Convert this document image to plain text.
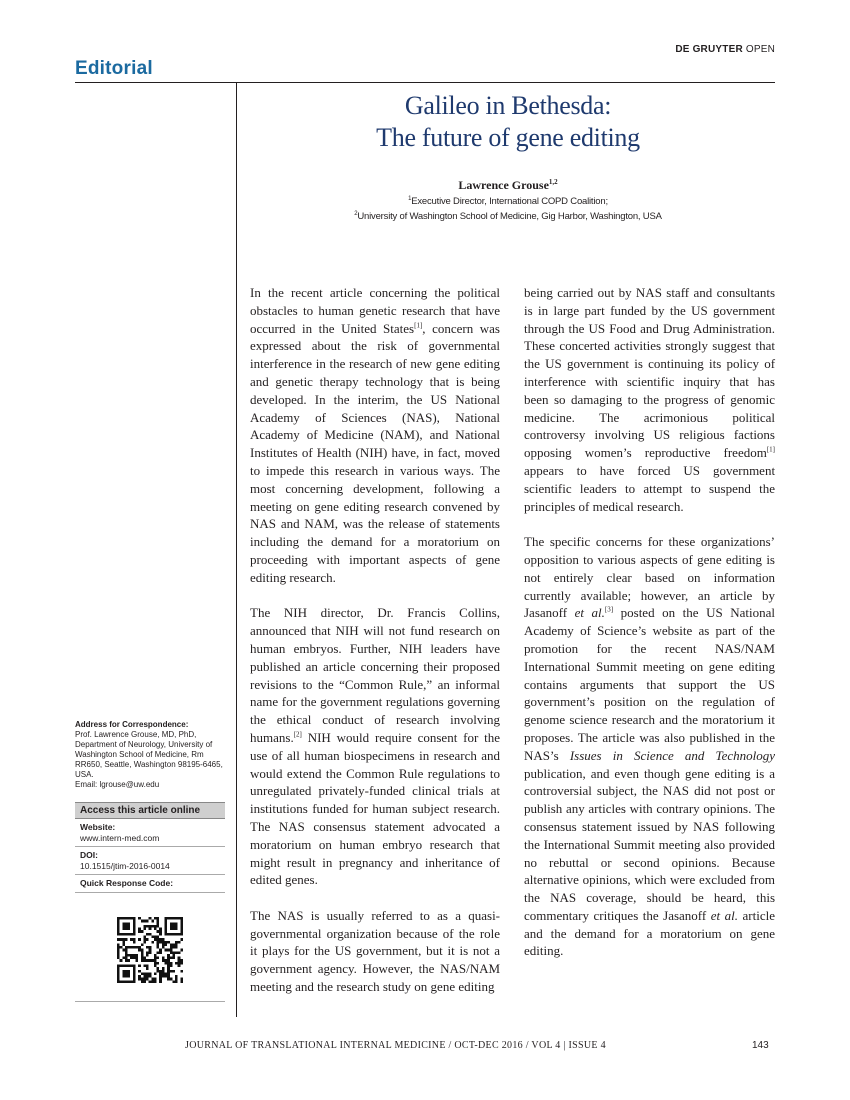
DE GRUYTER OPEN
Editorial
Galileo in Bethesda:
The future of gene editing
Lawrence Grouse$^{1,2}$
$^1$Executive Director, International COPD Coalition;
$^2$University of Washington School of Medicine, Gig Harbor, Washington, USA

In the recent article concerning the political obstacles to human genetic research that have occurred in the United States[1], concern was expressed about the risk of governmental interference in the research of new gene editing and genetic therapy technology that is being developed. In the interim, the US National Academy of Sciences (NAS), National Academy of Medicine (NAM), and National Institutes of Health (NIH) have, in fact, moved to impede this research in various ways. The most concerning development, following a meeting on gene editing research convened by NAS and NAM, was the release of statements including the demand for a moratorium on proceeding with important aspects of gene editing research.

The NIH director, Dr. Francis Collins, announced that NIH will not fund research on human embryos. Further, NIH leaders have published an article concerning their proposed revisions to the “Common Rule,” an informal name for the government regulations governing the ethical conduct of research involving humans.[2] NIH would require consent for the use of all human biospecimens in research and would extend the Common Rule regulations to unregulated privately-funded clinical trials at institutions funded for human subject research. The NAS consensus statement advocated a moratorium on human embryo research that might result in pregnancy and inheritance of edited genes.

The NAS is usually referred to as a quasi-governmental organization because of the role it plays for the US government, but it is not a government agency. However, the NAS/NAM meeting and the research study on gene editing

being carried out by NAS staff and consultants is in large part funded by the US government through the US Food and Drug Administration. These concerted activities strongly suggest that the US government is continuing its policy of interference with scientific inquiry that has been so damaging to the progress of genomic medicine. The acrimonious political controversy involving US religious factions opposing women’s reproductive freedom[1] appears to have forced US government scientific leaders to attempt to suspend the principles of medical research.

The specific concerns for these organizations’ opposition to various aspects of gene editing is not entirely clear based on information currently available; however, an article by Jasanoff et al.[3] posted on the US National Academy of Science’s website as part of the promotion for the recent NAS/NAM International Summit meeting on gene editing contains arguments that support the US government’s position on the regulation of genome science research and the moratorium it proposes. The article was also published in the NAS’s Issues in Science and Technology publication, and even though gene editing is a controversial subject, the NAS did not post or publish any articles with contrary opinions. The consensus statement issued by NAS following the International Summit meeting also provided no rebuttal or second opinions. Because alternative opinions, which were excluded from the NAS coverage, should be heard, this commentary critiques the Jasanoff et al. article and the demand for a moratorium on gene editing.

Address for Correspondence:
Prof. Lawrence Grouse, MD, PhD,
Department of Neurology, University of Washington School of Medicine, Rm RR650, Seattle, Washington 98195-6465, USA.
Email: lgrouse@uw.edu
Access this article online
Website:
www.intern-med.com
DOI:
10.1515/jtim-2016-0014
Quick Response Code:
JOURNAL OF TRANSLATIONAL INTERNAL MEDICINE / OCT-DEC 2016 / VOL 4 | ISSUE 4	143
